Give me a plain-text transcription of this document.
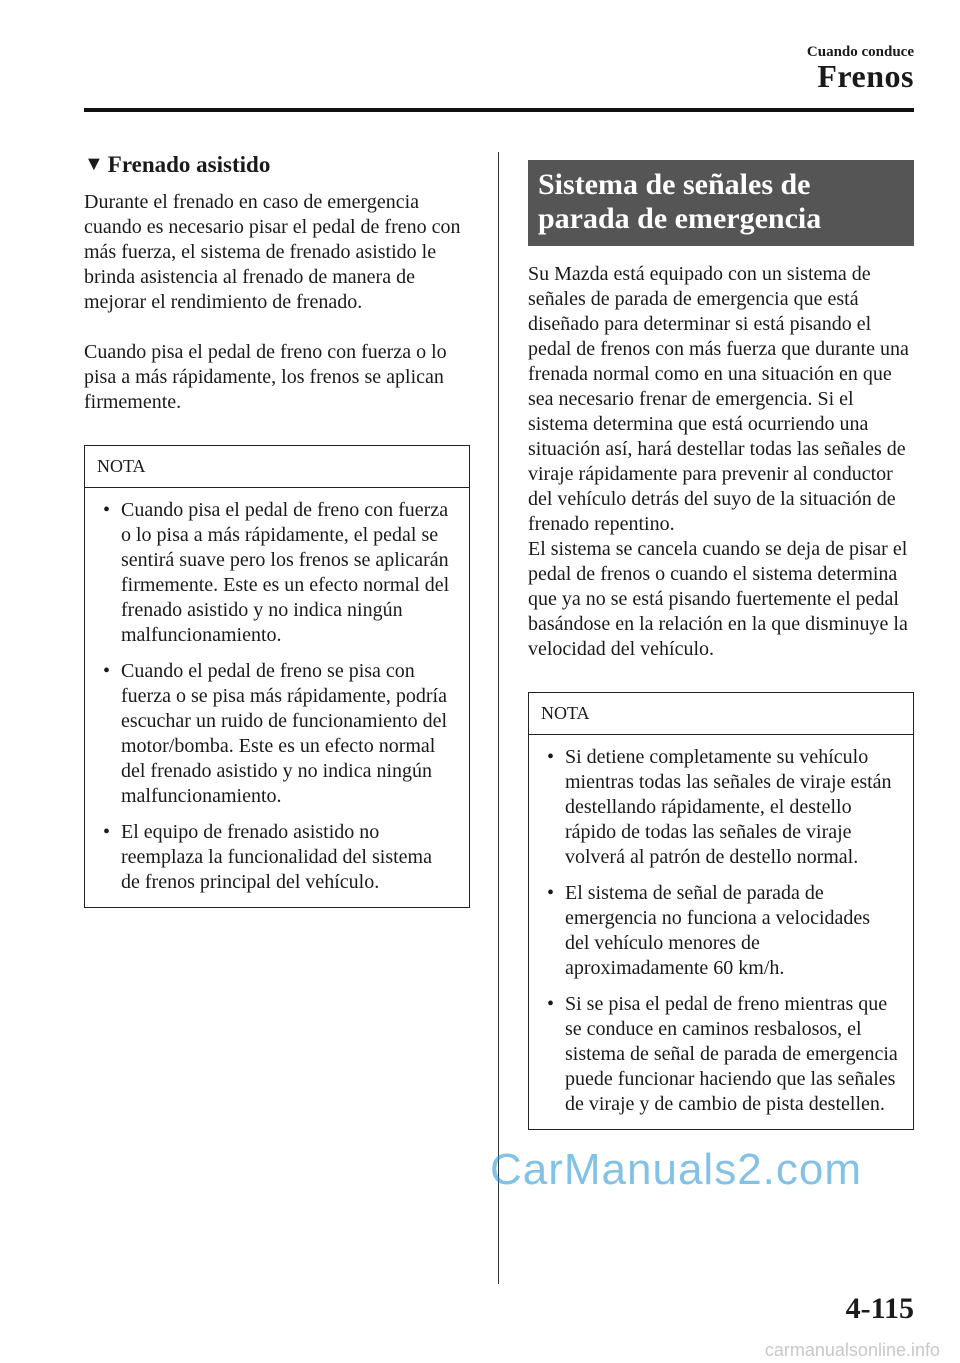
Cuando conduce
Frenos
▼ Frenado asistido

Durante el frenado en caso de emergencia cuando es necesario pisar el pedal de freno con más fuerza, el sistema de frenado asistido le brinda asistencia al frenado de manera de mejorar el rendimiento de frenado.

Cuando pisa el pedal de freno con fuerza o lo pisa a más rápidamente, los frenos se aplican firmemente.

NOTA
• Cuando pisa el pedal de freno con fuerza o lo pisa a más rápidamente, el pedal se sentirá suave pero los frenos se aplicarán firmemente. Este es un efecto normal del frenado asistido y no indica ningún malfuncionamiento.
• Cuando el pedal de freno se pisa con fuerza o se pisa más rápidamente, podría escuchar un ruido de funcionamiento del motor/bomba. Este es un efecto normal del frenado asistido y no indica ningún malfuncionamiento.
• El equipo de frenado asistido no reemplaza la funcionalidad del sistema de frenos principal del vehículo.
Sistema de señales de parada de emergencia

Su Mazda está equipado con un sistema de señales de parada de emergencia que está diseñado para determinar si está pisando el pedal de frenos con más fuerza que durante una frenada normal como en una situación en que sea necesario frenar de emergencia. Si el sistema determina que está ocurriendo una situación así, hará destellar todas las señales de viraje rápidamente para prevenir al conductor del vehículo detrás del suyo de la situación de frenado repentino.

El sistema se cancela cuando se deja de pisar el pedal de frenos o cuando el sistema determina que ya no se está pisando fuertemente el pedal basándose en la relación en la que disminuye la velocidad del vehículo.

NOTA
• Si detiene completamente su vehículo mientras todas las señales de viraje están destellando rápidamente, el destello rápido de todas las señales de viraje volverá al patrón de destello normal.
• El sistema de señal de parada de emergencia no funciona a velocidades del vehículo menores de aproximadamente 60 km/h.
• Si se pisa el pedal de freno mientras que se conduce en caminos resbalosos, el sistema de señal de parada de emergencia puede funcionar haciendo que las señales de viraje y de cambio de pista destellen.
CarManuals2.com
4-115
carmanualsonline.info
